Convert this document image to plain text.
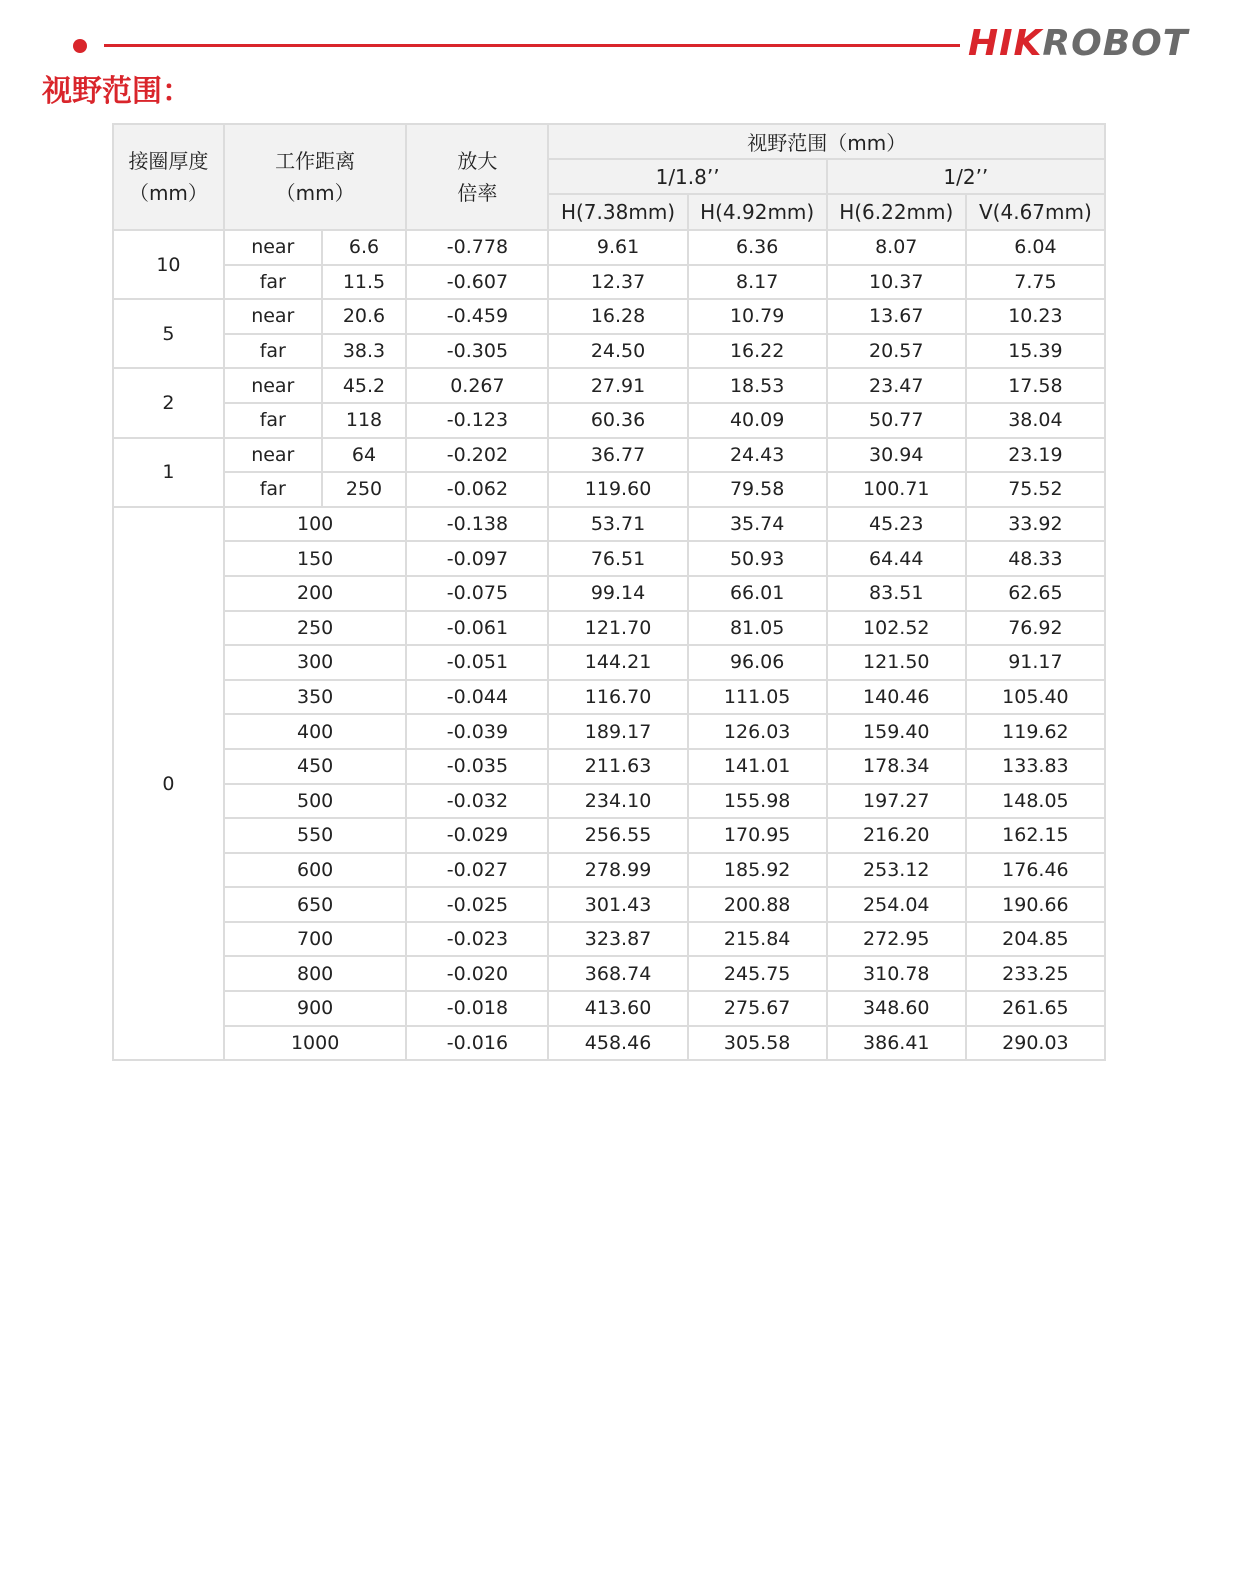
HIKROBOT
视野范围：
接圈厚度
（mm）	工作距离
（mm）		放大
倍率	视野范围（mm）			
				1/1.8’’		1/2’’	
				H(7.38mm)	H(4.92mm)	H(6.22mm)	V(4.67mm)
10	near	6.6	-0.778	9.61	6.36	8.07	6.04
	far	11.5	-0.607	12.37	8.17	10.37	7.75
5	near	20.6	-0.459	16.28	10.79	13.67	10.23
	far	38.3	-0.305	24.50	16.22	20.57	15.39
2	near	45.2	0.267	27.91	18.53	23.47	17.58
	far	118	-0.123	60.36	40.09	50.77	38.04
1	near	64	-0.202	36.77	24.43	30.94	23.19
	far	250	-0.062	119.60	79.58	100.71	75.52
0	100		-0.138	53.71	35.74	45.23	33.92
	150		-0.097	76.51	50.93	64.44	48.33
	200		-0.075	99.14	66.01	83.51	62.65
	250		-0.061	121.70	81.05	102.52	76.92
	300		-0.051	144.21	96.06	121.50	91.17
	350		-0.044	116.70	111.05	140.46	105.40
	400		-0.039	189.17	126.03	159.40	119.62
	450		-0.035	211.63	141.01	178.34	133.83
	500		-0.032	234.10	155.98	197.27	148.05
	550		-0.029	256.55	170.95	216.20	162.15
	600		-0.027	278.99	185.92	253.12	176.46
	650		-0.025	301.43	200.88	254.04	190.66
	700		-0.023	323.87	215.84	272.95	204.85
	800		-0.020	368.74	245.75	310.78	233.25
	900		-0.018	413.60	275.67	348.60	261.65
	1000		-0.016	458.46	305.58	386.41	290.03
